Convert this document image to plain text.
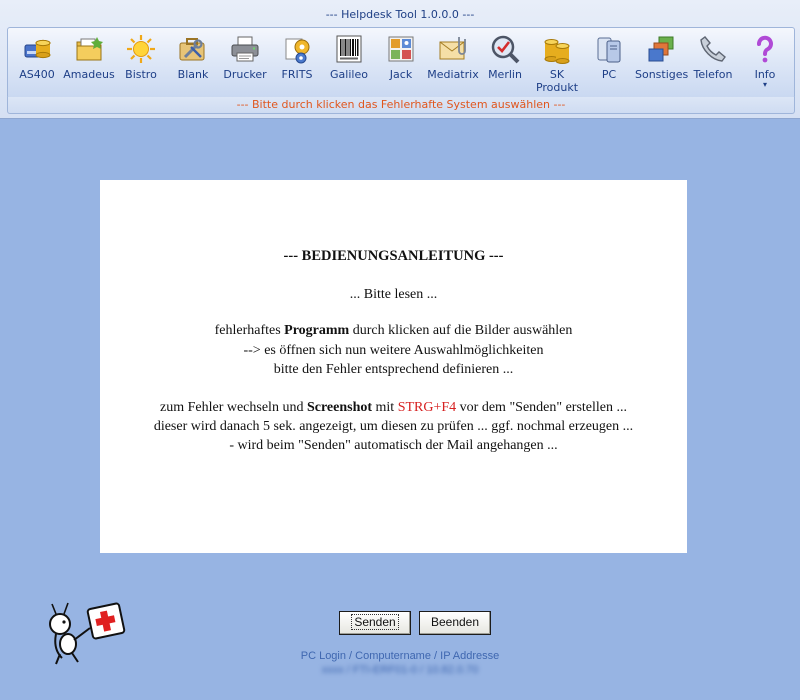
--- Helpdesk Tool 1.0.0.0 ---
AS400 Amadeus Bistro	Blank	Drucker	FRITS	Galileo	Jack	Mediatrix Merlin	SK
Produkt
PC	Sonstiges Telefon	Info
▾
--- Bitte durch klicken das Fehlerhafte System auswählen ---
--- BEDIENUNGSANLEITUNG ---
... Bitte lesen ...
fehlerhaftes Programm durch klicken auf die Bilder auswählen
--> es öffnen sich nun weitere Auswahlmöglichkeiten
bitte den Fehler entsprechend definieren ...
zum Fehler wechseln und Screenshot mit STRG+F4 vor dem "Senden" erstellen ...
dieser wird danach 5 sek. angezeigt, um diesen zu prüfen ... ggf. nochmal erzeugen ...
- wird beim "Senden" automatisch der Mail angehangen ...
Senden	Beenden
PC Login / Computername / IP Addresse
xxxx / FTI-ERF01-0 / 10.82.0.70
